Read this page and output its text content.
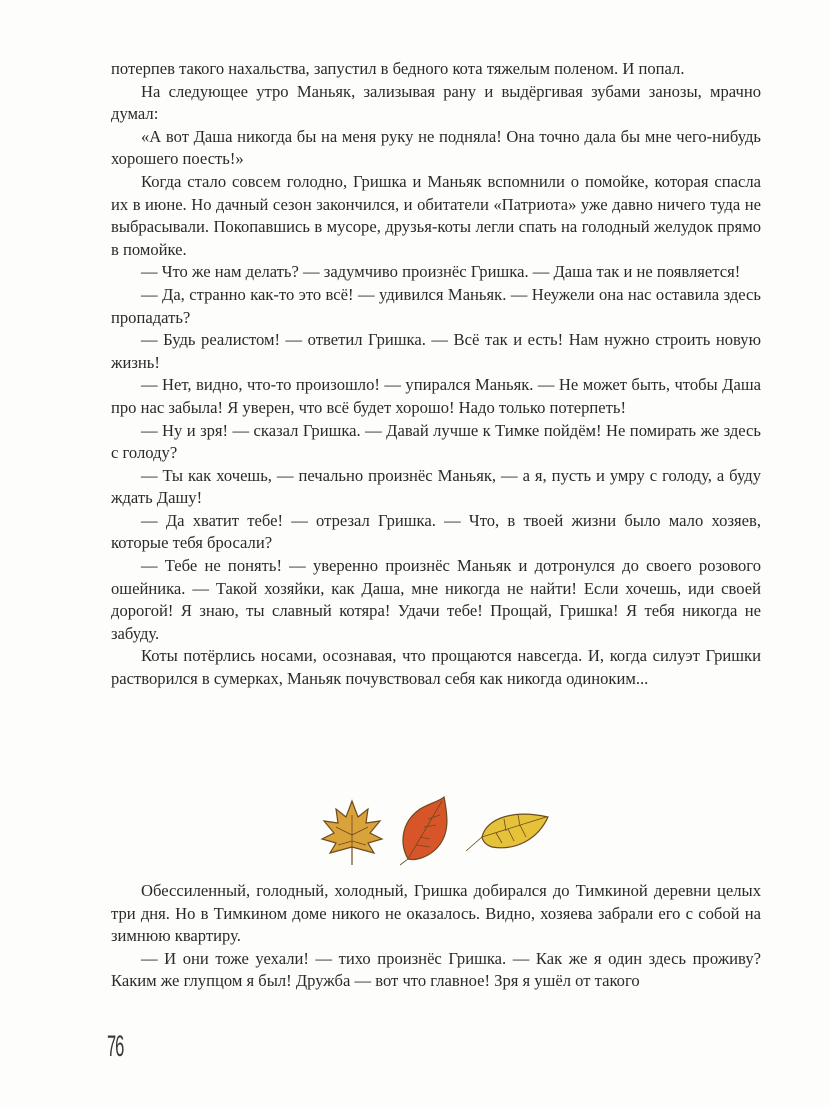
потерпев такого нахальства, запустил в бедного кота тяжелым поленом. И попал.

На следующее утро Маньяк, зализывая рану и выдёргивая зубами занозы, мрачно думал:

«А вот Даша никогда бы на меня руку не подняла! Она точно дала бы мне чего-нибудь хорошего поесть!»

Когда стало совсем голодно, Гришка и Маньяк вспомнили о помойке, которая спасла их в июне. Но дачный сезон закончился, и обитатели «Патриота» уже давно ничего туда не выбрасывали. Покопавшись в мусоре, друзья-коты легли спать на голодный желудок прямо в помойке.

— Что же нам делать? — задумчиво произнёс Гришка. — Даша так и не появляется!

— Да, странно как-то это всё! — удивился Маньяк. — Неужели она нас оставила здесь пропадать?

— Будь реалистом! — ответил Гришка. — Всё так и есть! Нам нужно строить новую жизнь!

— Нет, видно, что-то произошло! — упирался Маньяк. — Не может быть, чтобы Даша про нас забыла! Я уверен, что всё будет хорошо! Надо только потерпеть!

— Ну и зря! — сказал Гришка. — Давай лучше к Тимке пойдём! Не помирать же здесь с голоду?

— Ты как хочешь, — печально произнёс Маньяк, — а я, пусть и умру с голоду, а буду ждать Дашу!

— Да хватит тебе! — отрезал Гришка. — Что, в твоей жизни было мало хозяев, которые тебя бросали?

— Тебе не понять! — уверенно произнёс Маньяк и дотронулся до своего розового ошейника. — Такой хозяйки, как Даша, мне никогда не найти! Если хочешь, иди своей дорогой! Я знаю, ты славный котяра! Удачи тебе! Прощай, Гришка! Я тебя никогда не забуду.

Коты потёрлись носами, осознавая, что прощаются навсегда. И, когда силуэт Гришки растворился в сумерках, Маньяк почувствовал себя как никогда одиноким...

Обессиленный, голодный, холодный, Гришка добирался до Тимкиной деревни целых три дня. Но в Тимкином доме никого не оказалось. Видно, хозяева забрали его с собой на зимнюю квартиру.

— И они тоже уехали! — тихо произнёс Гришка. — Как же я один здесь проживу? Каким же глупцом я был! Дружба — вот что главное! Зря я ушёл от такого

76
